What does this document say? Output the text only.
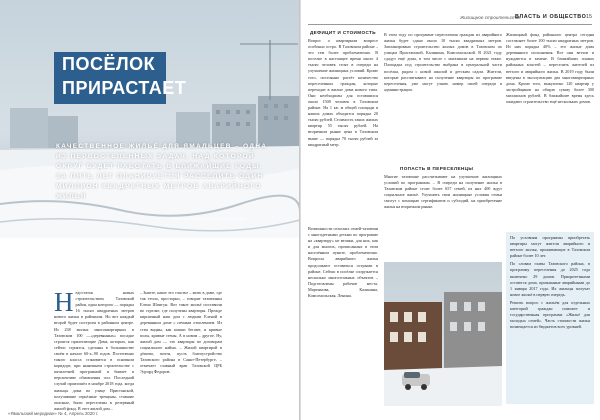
ПОСЁЛОК
ПРИРАСТАЕТ
КАЧЕСТВЕННОЕ ЖИЛЬЁ ДЛЯ ЯМАЛЬЦЕВ – ОДНА ИЗ ПЕРВОСТЕПЕННЫХ ЗАДАЧ. НАД КОТОРОЙ ОКРУГ БУДЕТ РАБОТАТЬ В БЛИЖАЙШИЕ ГОДЫ. ЗА ПЯТЬ ЛЕТ ПЛАНИРУЕТСЯ РАССЕЛИТЬ ОДИН МИЛЛИОН КВАДРАТНЫХ МЕТРОВ АВАРИЙНОГО ЖИЛЬЯ
Анастасия Гашнева, фото автора
Н едостаток новых строительством Тазовский район, один которого — порядка 16 тысяч квадратных метров нового жилья в районном. Но вот каждый второй будет построен в районном центре. Из 238 жилых многоквартирных в Тазовском 100 —«деревянных» посадке строятся прилегающие Дома, которых, как сейчас строятся, сделаны в большинстве своём в начале 60-х–90 годов. Постепенно такого класса становится в основном коридоре, при нынешнем строительстве с пятилетней программой и бывает в перспективе обновления сил. Последний случай произошёл в ноябре 2018 года, когда жильцы дома по улице Пристанской, получившие серьёзные трещины, ставшие опасные, были переселены в резервный жилой фонд. В этот жилой дом...
– Знаете, какое это счастье – жить в доме, где так тепло, просторно, – говорит тазовчанка Елена Шпигун. Вот такое жильё поставили во стрелке, где получены квартиры. Прежде кирпичный наш дом с людьми Еленой в деревянном доме с печным отоплением. Из стен видны, как кошки бегают, и кривые полы, кривые стены. А в новом – другое. Ну, жилой дом — это квартиры по договорам социального найма. – Жилой квартирой в дёшево, почти, пусть благоустройство Тазовского района в Санкт-Петербурге, – отмечает главный врач Тазовской ЦРБ Эдуард Федоров.
«Ямальский меридиан» № 4, Апрель 2020 г.
Жилищное строительство
ВЛАСТЬ И ОБЩЕСТВО 15
ДЕФИЦИТ И СТОИМОСТЬ
Вопрос о квартирном вопросе особенно остро. В Тазовском районе – это тем более проблематично. В поселке в настоящее время около 4 тысяч человек стоят в очереди на улучшение жилищных условий. Кроме того, постоянно растёт количество переселенных граждан, которые переходят в жилые дома нового типа. Они необходимы для оставшихся около 1500 человек в Тазовском районе. На 1 кв. м общей площади в наших домах обходится порядка 20 тысяч рублей. Стоимость таких жилых квартир 55 тысяч рублей. На вторичном рынке цена в Тазовском выше — порядка 70 тысяч рублей за квадратный метр.
Возможности сельских семей-тазовчан с многодетными детьми по программе на «квартиру» не велики, для них, как и для многих, прописанных в этом населённом пункте, проблематично. Вопросы аварийного жилья продолжают оставаться острыми в районе. Сейчас в посёлке сооружается несколько многоэтажных объектов – Подготовлены рабочие места, Мартынова, Калинина, Комсомольская, Ленина.
В этом году по программе переселения граждан из аварийного жилья будет сдано около 10 тысяч квадратных метров. Запланировано строительство жилых домов в Тазовском по улицам Пристанской, Калинина, Комсомольской. В 2021 году сдадут ещё дома, в том числе с магазином на первом этаже. Площадка под строительство выбрана в центральной части посёлка, рядом с новой школой и детским садом. Жители, которые рассчитывают на получение квартиры по программе переселения, уже могут узнать номер своей очереди в администрации.
ПОПАСТЬ В ПЕРЕСЕЛЕНЦЫ
Многие тазовчане рассчитывают на улучшение жилищных условий по программам. – В очереди на получение жилья в Тазовском районе стоит более 657 семей, из них 400 ждут социальное жильё. Улучшить свои жилищные условия семьи смогут с помощью сертификатов и субсидий, на приобретение жилья на вторичном рынке.
Жилищный фонд районного центра сегодня составляет более 100 тысяч квадратных метров. Из них порядка 40% – это жилые дома деревянного исполнения. Все они ветхие и нуждаются в замене. В ближайших планах районных властей – переселить жителей из ветхого и аварийного жилья. В 2019 году были введены в эксплуатацию два многоквартирных дома. Кроме того, выкуплено 120 квартир у застройщиков на общую сумму более 300 миллионов рублей. В ближайшее время здесь ожидают строительство ещё нескольких домов.

По условиям программы приобретать квартиры могут жители аварийного и ветхого жилья, проживающие в Тазовском районе более 10 лет.

По словам главы Тазовского района, в программу переселения до 2025 года включено 29 домов. Приоритетными остаются дома, признанные аварийными до 1 января 2017 года. Их жильцы получат новое жильё в первую очередь.

Решить вопрос с жильём для отдельных категорий граждан поможет и государственная программа «Жильё для молодых семей». Часть стоимости жилья возмещается из бюджетов всех уровней.
